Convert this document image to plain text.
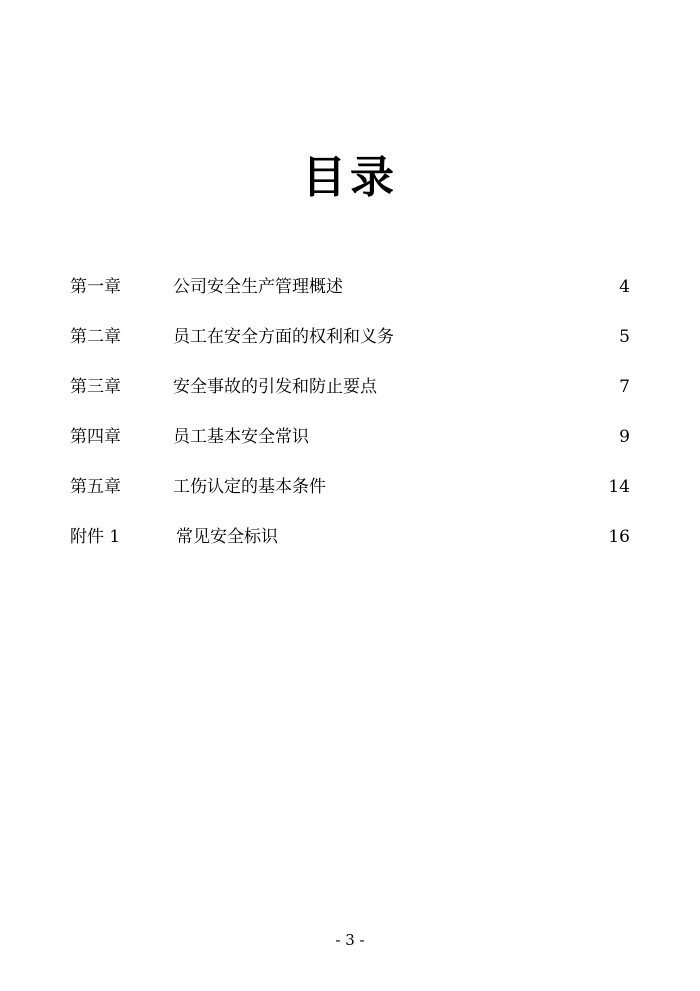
目录
第一章	公司安全生产管理概述	4
第二章	员工在安全方面的权利和义务	5
第三章	安全事故的引发和防止要点	7
第四章	员工基本安全常识	9
第五章	工伤认定的基本条件	14
附件 1	常见安全标识	16
- 3 -
